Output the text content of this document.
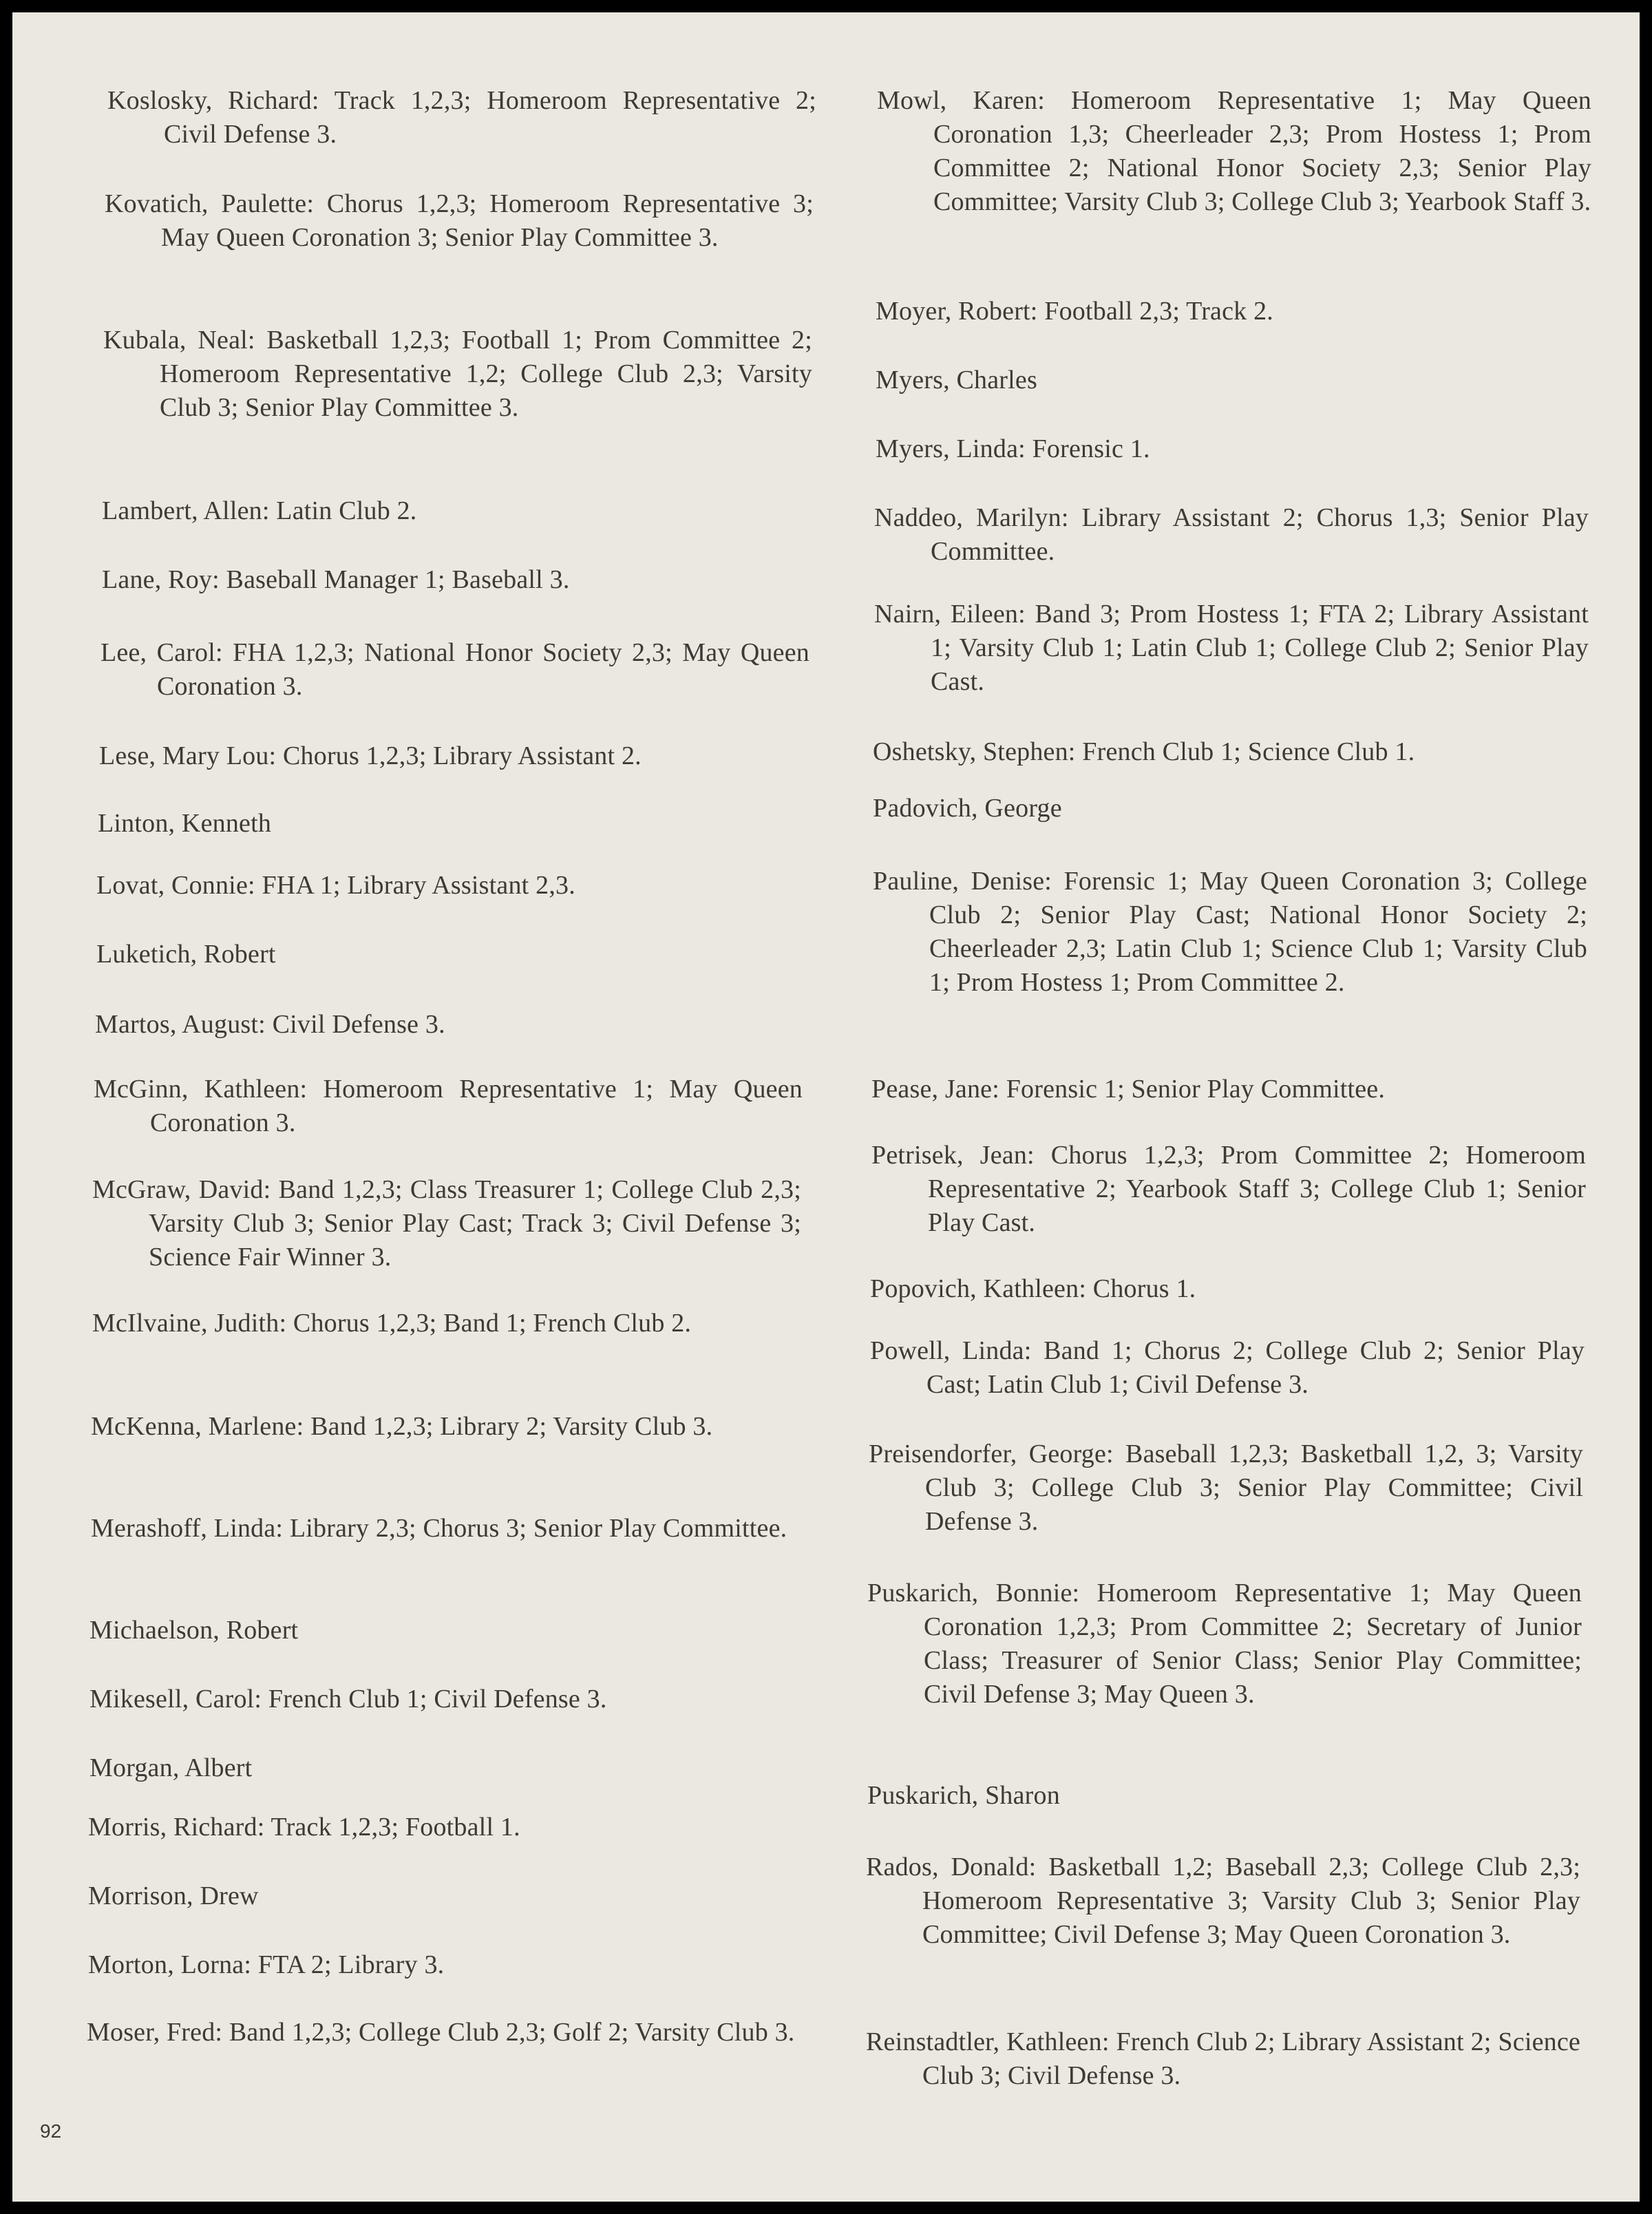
Koslosky, Richard: Track 1,2,3; Homeroom Representative 2; Civil Defense 3.
Kovatich, Paulette: Chorus 1,2,3; Homeroom Representative 3; May Queen Coronation 3; Senior Play Committee 3.
Kubala, Neal: Basketball 1,2,3; Football 1; Prom Committee 2; Homeroom Representative 1,2; College Club 2,3; Varsity Club 3; Senior Play Committee 3.
Lambert, Allen: Latin Club 2.
Lane, Roy: Baseball Manager 1; Baseball 3.
Lee, Carol: FHA 1,2,3; National Honor Society 2,3; May Queen Coronation 3.
Lese, Mary Lou: Chorus 1,2,3; Library Assistant 2.
Linton, Kenneth
Lovat, Connie: FHA 1; Library Assistant 2,3.
Luketich, Robert
Martos, August: Civil Defense 3.
McGinn, Kathleen: Homeroom Representative 1; May Queen Coronation 3.
McGraw, David: Band 1,2,3; Class Treasurer 1; College Club 2,3; Varsity Club 3; Senior Play Cast; Track 3; Civil Defense 3; Science Fair Winner 3.
McIlvaine, Judith: Chorus 1,2,3; Band 1; French Club 2.
McKenna, Marlene: Band 1,2,3; Library 2; Varsity Club 3.
Merashoff, Linda: Library 2,3; Chorus 3; Senior Play Committee.
Michaelson, Robert
Mikesell, Carol: French Club 1; Civil Defense 3.
Morgan, Albert
Morris, Richard: Track 1,2,3; Football 1.
Morrison, Drew
Morton, Lorna: FTA 2; Library 3.
Moser, Fred: Band 1,2,3; College Club 2,3; Golf 2; Varsity Club 3.
Mowl, Karen: Homeroom Representative 1; May Queen Coronation 1,3; Cheerleader 2,3; Prom Hostess 1; Prom Committee 2; National Honor Society 2,3; Senior Play Committee; Varsity Club 3; College Club 3; Yearbook Staff 3.
Moyer, Robert: Football 2,3; Track 2.
Myers, Charles
Myers, Linda: Forensic 1.
Naddeo, Marilyn: Library Assistant 2; Chorus 1,3; Senior Play Committee.
Nairn, Eileen: Band 3; Prom Hostess 1; FTA 2; Library Assistant 1; Varsity Club 1; Latin Club 1; College Club 2; Senior Play Cast.
Oshetsky, Stephen: French Club 1; Science Club 1.
Padovich, George
Pauline, Denise: Forensic 1; May Queen Coronation 3; College Club 2; Senior Play Cast; National Honor Society 2; Cheerleader 2,3; Latin Club 1; Science Club 1; Varsity Club 1; Prom Hostess 1; Prom Committee 2.
Pease, Jane: Forensic 1; Senior Play Committee.
Petrisek, Jean: Chorus 1,2,3; Prom Committee 2; Homeroom Representative 2; Yearbook Staff 3; College Club 1; Senior Play Cast.
Popovich, Kathleen: Chorus 1.
Powell, Linda: Band 1; Chorus 2; College Club 2; Senior Play Cast; Latin Club 1; Civil Defense 3.
Preisendorfer, George: Baseball 1,2,3; Basketball 1,2, 3; Varsity Club 3; College Club 3; Senior Play Committee; Civil Defense 3.
Puskarich, Bonnie: Homeroom Representative 1; May Queen Coronation 1,2,3; Prom Committee 2; Secretary of Junior Class; Treasurer of Senior Class; Senior Play Committee; Civil Defense 3; May Queen 3.
Puskarich, Sharon
Rados, Donald: Basketball 1,2; Baseball 2,3; College Club 2,3; Homeroom Representative 3; Varsity Club 3; Senior Play Committee; Civil Defense 3; May Queen Coronation 3.
Reinstadtler, Kathleen: French Club 2; Library Assistant 2; Science Club 3; Civil Defense 3.
92
